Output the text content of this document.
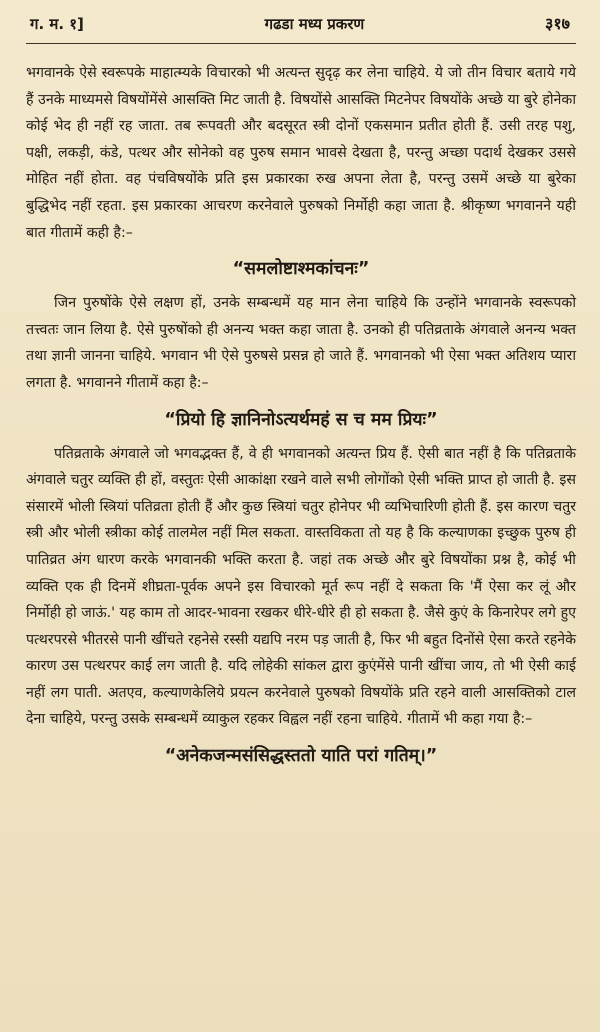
ग. म. १]	गढडा मध्य प्रकरण	३१७

भगवानके ऐसे स्वरूपके माहात्म्यके विचारको भी अत्यन्त सुदृढ़ कर लेना चाहिये. ये जो तीन विचार बताये गये हैं उनके माध्यमसे विषयोंमेंसे आसक्ति मिट जाती है. विषयोंसे आसक्ति मिटनेपर विषयोंके अच्छे या बुरे होनेका कोई भेद ही नहीं रह जाता. तब रूपवती और बदसूरत स्त्री दोनों एकसमान प्रतीत होती हैं. उसी तरह पशु, पक्षी, लकड़ी, कंडे, पत्थर और सोनेको वह पुरुष समान भावसे देखता है, परन्तु अच्छा पदार्थ देखकर उससे मोहित नहीं होता. वह पंचविषयोंके प्रति इस प्रकारका रुख अपना लेता है, परन्तु उसमें अच्छे या बुरेका बुद्धिभेद नहीं रहता. इस प्रकारका आचरण करनेवाले पुरुषको निर्मोही कहा जाता है. श्रीकृष्ण भगवानने यही बात गीतामें कही है:–

“समलोष्टाश्मकांचनः”

जिन पुरुषोंके ऐसे लक्षण हों, उनके सम्बन्धमें यह मान लेना चाहिये कि उन्होंने भगवानके स्वरूपको तत्त्वतः जान लिया है. ऐसे पुरुषोंको ही अनन्य भक्त कहा जाता है. उनको ही पतिव्रताके अंगवाले अनन्य भक्त तथा ज्ञानी जानना चाहिये. भगवान भी ऐसे पुरुषसे प्रसन्न हो जाते हैं. भगवानको भी ऐसा भक्त अतिशय प्यारा लगता है. भगवानने गीतामें कहा है:–

“प्रियो हि ज्ञानिनोऽत्यर्थमहं स च मम प्रियः”

पतिव्रताके अंगवाले जो भगवद्भक्त हैं, वे ही भगवानको अत्यन्त प्रिय हैं. ऐसी बात नहीं है कि पतिव्रताके अंगवाले चतुर व्यक्ति ही हों, वस्तुतः ऐसी आकांक्षा रखने वाले सभी लोगोंको ऐसी भक्ति प्राप्त हो जाती है. इस संसारमें भोली स्त्रियां पतिव्रता होती हैं और कुछ स्त्रियां चतुर होनेपर भी व्यभिचारिणी होती हैं. इस कारण चतुर स्त्री और भोली स्त्रीका कोई तालमेल नहीं मिल सकता. वास्तविकता तो यह है कि कल्याणका इच्छुक पुरुष ही पातिव्रत अंग धारण करके भगवानकी भक्ति करता है. जहां तक अच्छे और बुरे विषयोंका प्रश्न है, कोई भी व्यक्ति एक ही दिनमें शीघ्रता-पूर्वक अपने इस विचारको मूर्त रूप नहीं दे सकता कि 'मैं ऐसा कर लूं और निर्मोही हो जाऊं.' यह काम तो आदर-भावना रखकर धीरे-धीरे ही हो सकता है. जैसे कुएं के किनारेपर लगे हुए पत्थरपरसे भीतरसे पानी खींचते रहनेसे रस्सी यद्यपि नरम पड़ जाती है, फिर भी बहुत दिनोंसे ऐसा करते रहनेके कारण उस पत्थरपर काई लग जाती है. यदि लोहेकी सांकल द्वारा कुएंमेंसे पानी खींचा जाय, तो भी ऐसी काई नहीं लग पाती. अतएव, कल्याणकेलिये प्रयत्न करनेवाले पुरुषको विषयोंके प्रति रहने वाली आसक्तिको टाल देना चाहिये, परन्तु उसके सम्बन्धमें व्याकुल रहकर विह्वल नहीं रहना चाहिये. गीतामें भी कहा गया है:–

“अनेकजन्मसंसिद्धस्ततो याति परां गतिम्।”
